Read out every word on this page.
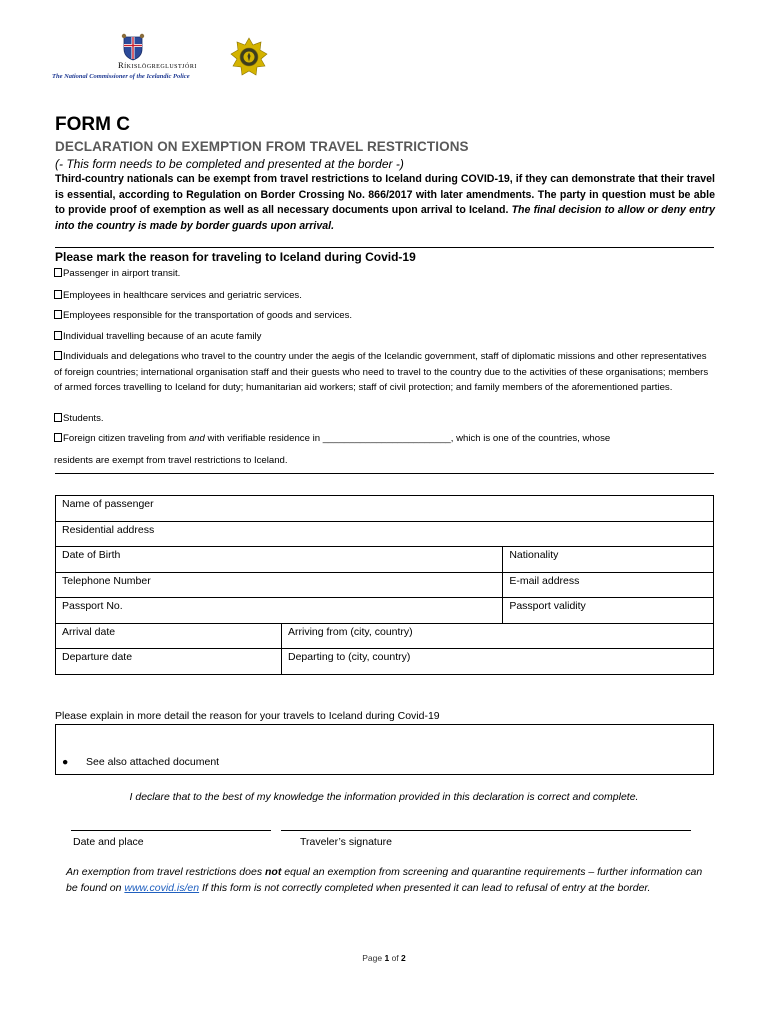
Ríkislögreglustjóri
The National Commissioner of the Icelandic Police
FORM C
DECLARATION ON EXEMPTION FROM TRAVEL RESTRICTIONS
(- This form needs to be completed and presented at the border -)
Third-country nationals can be exempt from travel restrictions to Iceland during COVID-19, if they can demonstrate that their travel is essential, according to Regulation on Border Crossing No. 866/2017 with later amendments. The party in question must be able to provide proof of exemption as well as all necessary documents upon arrival to Iceland. The final decision to allow or deny entry into the country is made by border guards upon arrival.
Please mark the reason for traveling to Iceland during Covid-19
Passenger in airport transit.
Employees in healthcare services and geriatric services.
Employees responsible for the transportation of goods and services.
Individual travelling because of an acute family
Individuals and delegations who travel to the country under the aegis of the Icelandic government, staff of diplomatic missions and other representatives of foreign countries; international organisation staff and their guests who need to travel to the country due to the activities of these organisations; members of armed forces travelling to Iceland for duty; humanitarian aid workers; staff of civil protection; and family members of the aforementioned parties.
Students.
Foreign citizen traveling from and with verifiable residence in ________________________, which is one of the countries, whose
residents are exempt from travel restrictions to Iceland.
Name of passenger		
Residential address		
Date of Birth		Nationality
Telephone Number		E-mail address
Passport No.		Passport validity
Arrival date	Arriving from (city, country)	
Departure date	Departing to (city, country)	
Please explain in more detail the reason for your travels to Iceland during Covid-19
● See also attached document
I declare that to the best of my knowledge the information provided in this declaration is correct and complete.
Date and place	Traveler’s signature
An exemption from travel restrictions does not equal an exemption from screening and quarantine requirements – further information can be found on www.covid.is/en If this form is not correctly completed when presented it can lead to refusal of entry at the border.
Page 1 of 2
